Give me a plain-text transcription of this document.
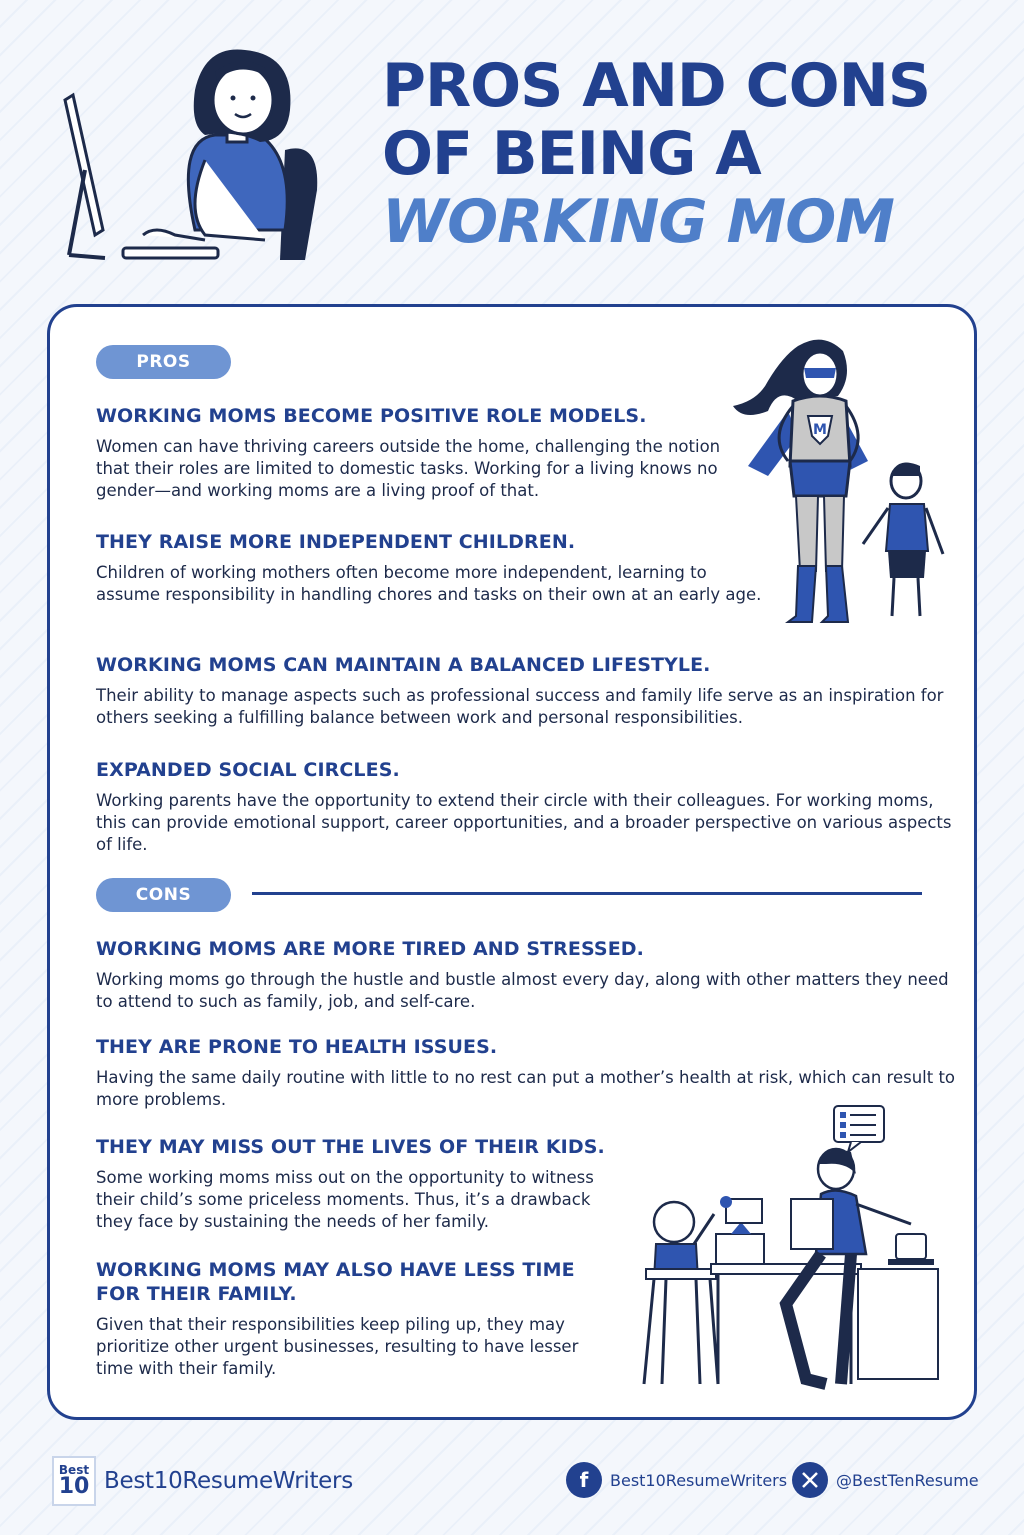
PROS AND CONS
OF BEING A
WORKING MOM
PROS
WORKING MOMS BECOME POSITIVE ROLE MODELS.

Women can have thriving careers outside the home, challenging the notion that their roles are limited to domestic tasks. Working for a living knows no gender—and working moms are a living proof of that.

THEY RAISE MORE INDEPENDENT CHILDREN.

Children of working mothers often become more independent, learning to assume responsibility in handling chores and tasks on their own at an early age.

WORKING MOMS CAN MAINTAIN A BALANCED LIFESTYLE.

Their ability to manage aspects such as professional success and family life serve as an inspiration for others seeking a fulfilling balance between work and personal responsibilities.

EXPANDED SOCIAL CIRCLES.

Working parents have the opportunity to extend their circle with their colleagues. For working moms, this can provide emotional support, career opportunities, and a broader perspective on various aspects of life.

M
CONS
WORKING MOMS ARE MORE TIRED AND STRESSED.

Working moms go through the hustle and bustle almost every day, along with other matters they need to attend to such as family, job, and self-care.

THEY ARE PRONE TO HEALTH ISSUES.

Having the same daily routine with little to no rest can put a mother’s health at risk, which can result to more problems.

THEY MAY MISS OUT THE LIVES OF THEIR KIDS.

Some working moms miss out on the opportunity to witness their child’s some priceless moments. Thus, it’s a drawback they face by sustaining the needs of her family.

WORKING MOMS MAY ALSO HAVE LESS TIME FOR THEIR FAMILY.

Given that their responsibilities keep piling up, they may prioritize other urgent businesses, resulting to have lesser time with their family.

Best
10 Best10ResumeWriters	f	Best10ResumeWriters	@BestTenResume
